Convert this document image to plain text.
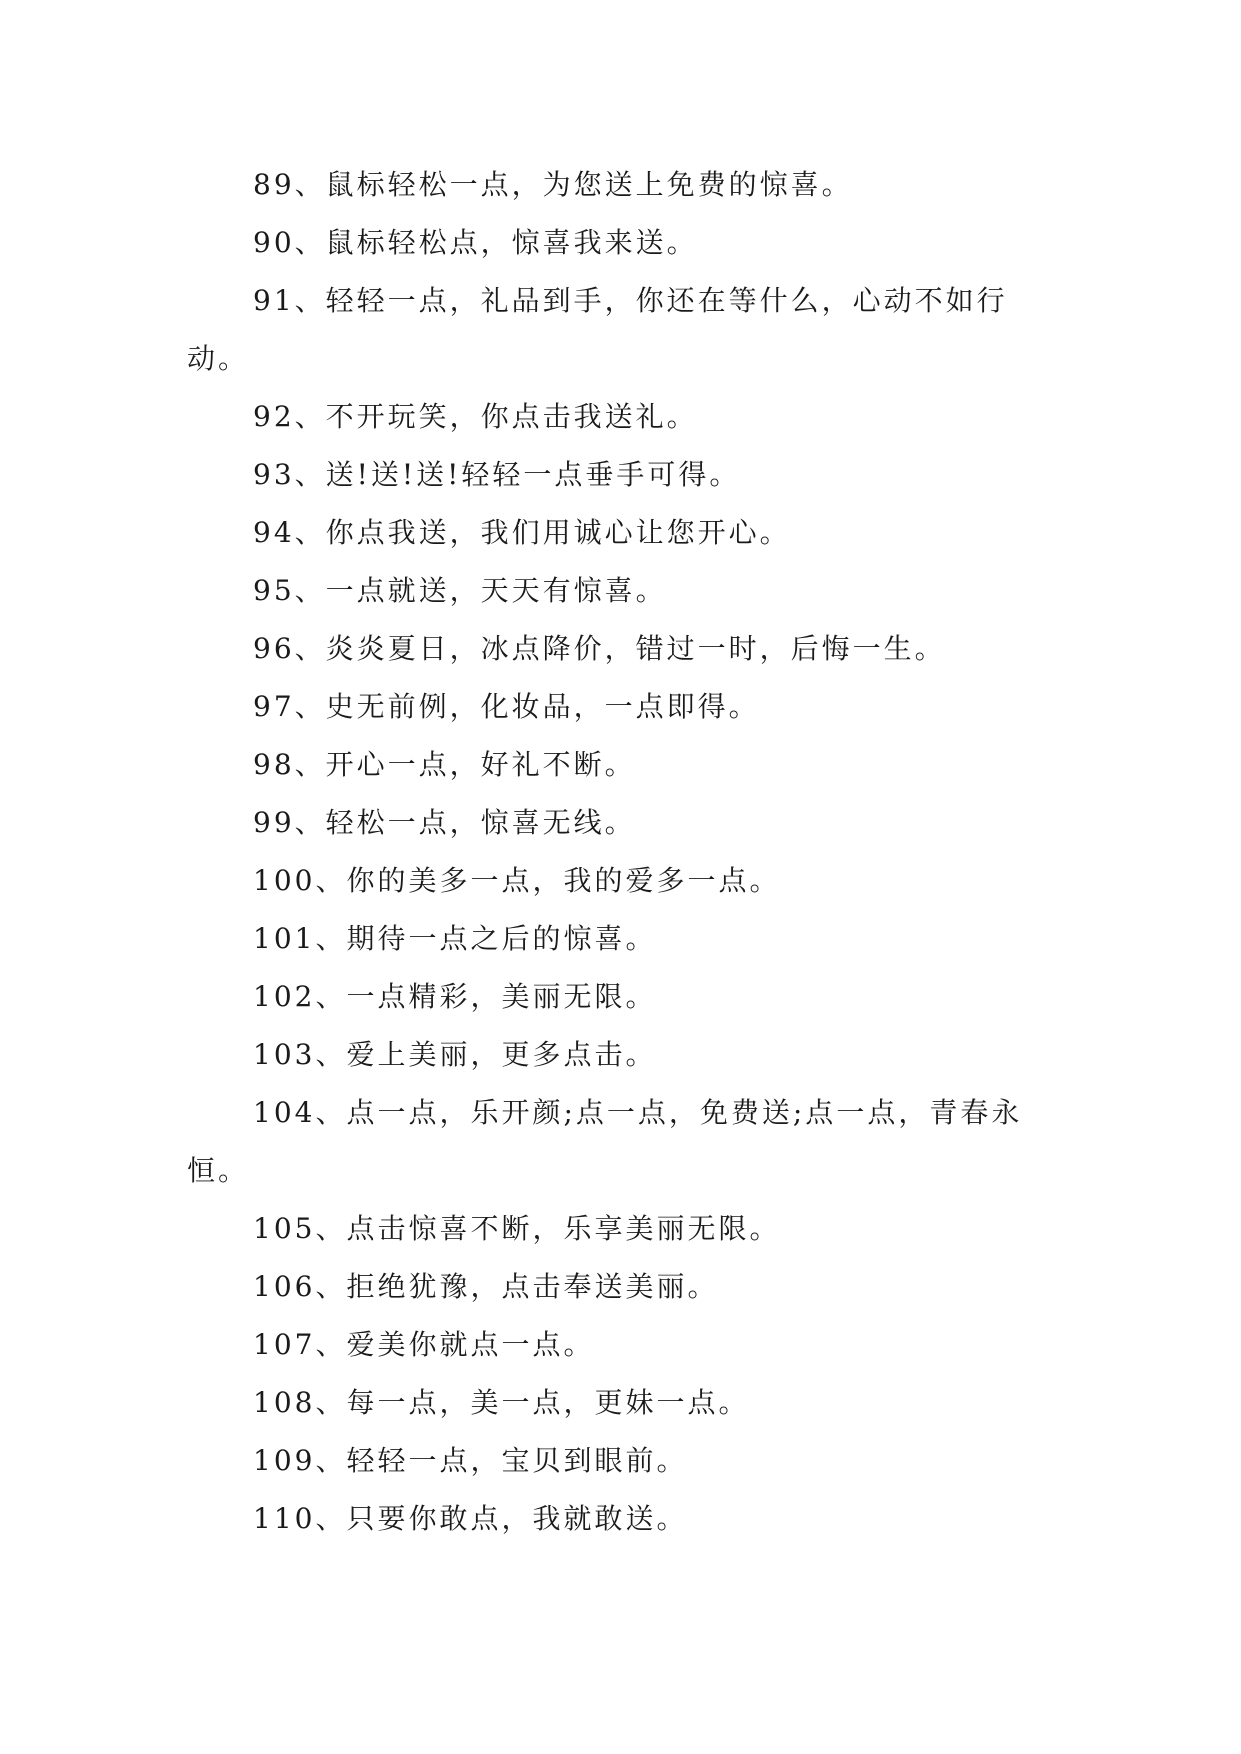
89、鼠标轻松一点，为您送上免费的惊喜。

90、鼠标轻松点，惊喜我来送。

91、轻轻一点，礼品到手，你还在等什么，心动不如行动。

92、不开玩笑，你点击我送礼。

93、送!送!送!轻轻一点垂手可得。

94、你点我送，我们用诚心让您开心。

95、一点就送，天天有惊喜。

96、炎炎夏日，冰点降价，错过一时，后悔一生。

97、史无前例，化妆品，一点即得。

98、开心一点，好礼不断。

99、轻松一点，惊喜无线。

100、你的美多一点，我的爱多一点。

101、期待一点之后的惊喜。

102、一点精彩，美丽无限。

103、爱上美丽，更多点击。

104、点一点，乐开颜;点一点，免费送;点一点，青春永恒。

105、点击惊喜不断，乐享美丽无限。

106、拒绝犹豫，点击奉送美丽。

107、爱美你就点一点。

108、每一点，美一点，更妹一点。

109、轻轻一点，宝贝到眼前。

110、只要你敢点，我就敢送。
